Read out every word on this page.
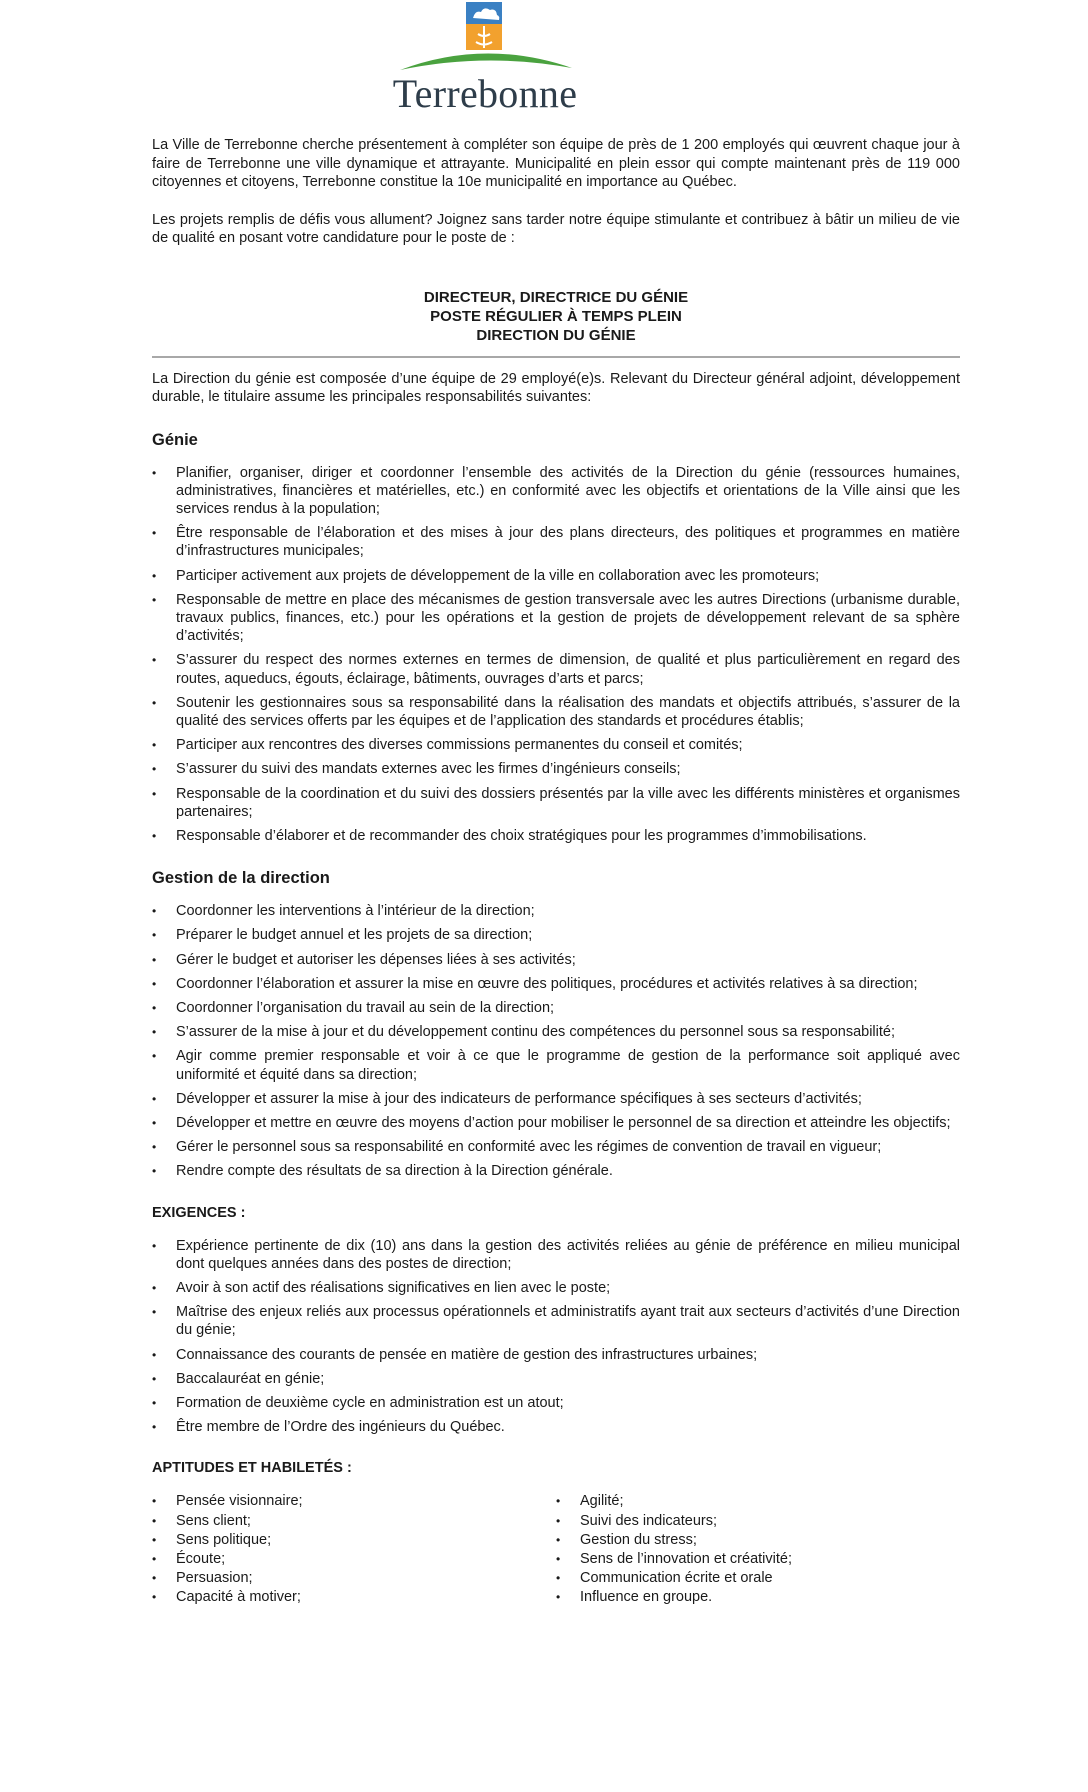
Terrebonne

La Ville de Terrebonne cherche présentement à compléter son équipe de près de 1 200 employés qui œuvrent chaque jour à faire de Terrebonne une ville dynamique et attrayante. Municipalité en plein essor qui compte maintenant près de 119 000 citoyennes et citoyens, Terrebonne constitue la 10e municipalité en importance au Québec.

Les projets remplis de défis vous allument? Joignez sans tarder notre équipe stimulante et contribuez à bâtir un milieu de vie de qualité en posant votre candidature pour le poste de :

DIRECTEUR, DIRECTRICE DU GÉNIE
POSTE RÉGULIER À TEMPS PLEIN
DIRECTION DU GÉNIE

La Direction du génie est composée d’une équipe de 29 employé(e)s. Relevant du Directeur général adjoint, développement durable, le titulaire assume les principales responsabilités suivantes:

Génie
•	Planifier, organiser, diriger et coordonner l’ensemble des activités de la Direction du génie (ressources humaines, administratives, financières et matérielles, etc.) en conformité avec les objectifs et orientations de la Ville ainsi que les services rendus à la population;
•	Être responsable de l’élaboration et des mises à jour des plans directeurs, des politiques et programmes en matière d’infrastructures municipales;
•	Participer activement aux projets de développement de la ville en collaboration avec les promoteurs;
•	Responsable de mettre en place des mécanismes de gestion transversale avec les autres Directions (urbanisme durable, travaux publics, finances, etc.) pour les opérations et la gestion de projets de développement relevant de sa sphère d’activités;
•	S’assurer du respect des normes externes en termes de dimension, de qualité et plus particulièrement en regard des routes, aqueducs, égouts, éclairage, bâtiments, ouvrages d’arts et parcs;
•	Soutenir les gestionnaires sous sa responsabilité dans la réalisation des mandats et objectifs attribués, s’assurer de la qualité des services offerts par les équipes et de l’application des standards et procédures établis;
•	Participer aux rencontres des diverses commissions permanentes du conseil et comités;
•	S’assurer du suivi des mandats externes avec les firmes d’ingénieurs conseils;
•	Responsable de la coordination et du suivi des dossiers présentés par la ville avec les différents ministères et organismes partenaires;
•	Responsable d’élaborer et de recommander des choix stratégiques pour les programmes d’immobilisations.
Gestion de la direction
•	Coordonner les interventions à l’intérieur de la direction;
•	Préparer le budget annuel et les projets de sa direction;
•	Gérer le budget et autoriser les dépenses liées à ses activités;
•	Coordonner l’élaboration et assurer la mise en œuvre des politiques, procédures et activités relatives à sa direction;
•	Coordonner l’organisation du travail au sein de la direction;
•	S’assurer de la mise à jour et du développement continu des compétences du personnel sous sa responsabilité;
•	Agir comme premier responsable et voir à ce que le programme de gestion de la performance soit appliqué avec uniformité et équité dans sa direction;
•	Développer et assurer la mise à jour des indicateurs de performance spécifiques à ses secteurs d’activités;
•	Développer et mettre en œuvre des moyens d’action pour mobiliser le personnel de sa direction et atteindre les objectifs;
•	Gérer le personnel sous sa responsabilité en conformité avec les régimes de convention de travail en vigueur;
•	Rendre compte des résultats de sa direction à la Direction générale.
EXIGENCES :
•	Expérience pertinente de dix (10) ans dans la gestion des activités reliées au génie de préférence en milieu municipal dont quelques années dans des postes de direction;
•	Avoir à son actif des réalisations significatives en lien avec le poste;
•	Maîtrise des enjeux reliés aux processus opérationnels et administratifs ayant trait aux secteurs d’activités d’une Direction du génie;
•	Connaissance des courants de pensée en matière de gestion des infrastructures urbaines;
•	Baccalauréat en génie;
•	Formation de deuxième cycle en administration est un atout;
•	Être membre de l’Ordre des ingénieurs du Québec.
APTITUDES ET HABILETÉS :
•	Pensée visionnaire;
•	Sens client;
•	Sens politique;
•	Écoute;
•	Persuasion;
•	Capacité à motiver;
•	Agilité;
•	Suivi des indicateurs;
•	Gestion du stress;
•	Sens de l’innovation et créativité;
•	Communication écrite et orale
•	Influence en groupe.
